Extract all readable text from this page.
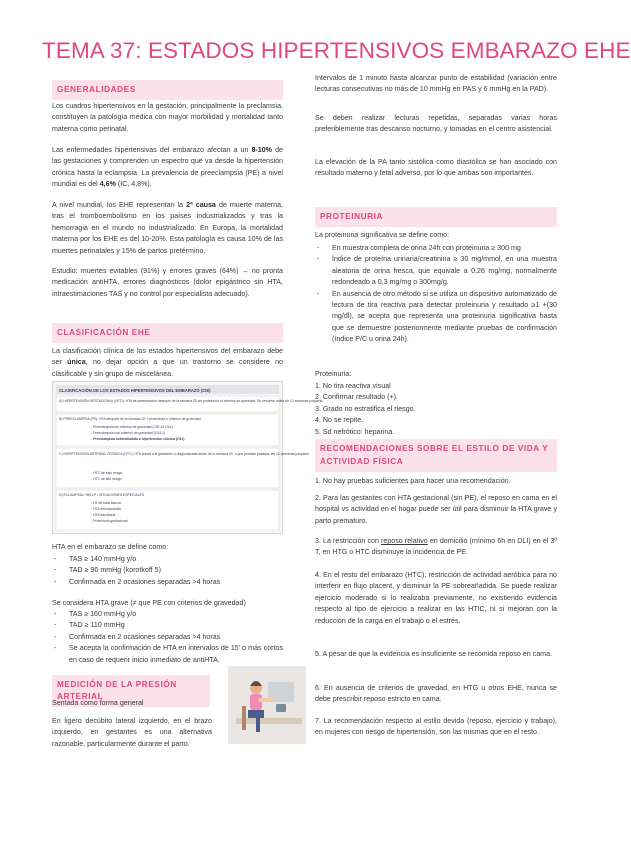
TEMA 37: ESTADOS HIPERTENSIVOS EMBARAZO EHE
GENERALIDADES

Los cuadros hipertensivos en la gestación, principalmente la preclamsia, constituyen la patología médica con mayor morbilidad y mortalidad tanto materna como perinatal.

Las enfermedades hipertensivas del embarazo afectan a un 8-10% de las gestaciones y comprenden un espectro que va desde la hipertensión crónica hasta la eclampsia. La prevalencia de preeclampsia (PE) a nivel mundial es del 4,6% (IC, 4,8%).

A nivel mundial, los EHE representan la 2ª causa de muerte materna, tras el tromboembolismo en los países industrializados y tras la hemorragia en el mundo no industrializado. En Europa, la mortalidad materna por los EHE es del 10-20%. Esta patología es causa 10% de las muertes perinatales y 15% de partos pretérmino.

Estudio: muertes evitables (91%) y errores graves (64%) → no pronta medicación antiHTA, errores diagnósticos (dolor epigástrico sin HTA, intraestimaciones TAS y no control por especialista adecuado).

CLASIFICACIÓN EHE

La clasificación clínica de los estados hipertensivos del embarazo debe ser única, no dejar opción a que un trastorno se considere no clasificable y sin grupo de miscelánea.

CLASIFICACIÓN DE LOS ESTADOS HIPERTENSIVOS DEL EMBARAZO (CIE)
A) HIPERTENSIÓN GESTACIONAL (HTG): HTA de presentación después de la semana 20 sin proteinuria ni criterios de gravedad. Se resuelve antes de 12 semanas posparto.
B) PREECLAMPSIA (PE): HTA después de la semana 20 + proteinuria o criterios de gravedad.
- Preeclampsia sin criterios de gravedad (CIE-10 O14)
- Preeclampsia con criterios de gravedad (O14.1)
- Preeclampsia sobreañadida a hipertensión crónica (O11)
C) HIPERTENSIÓN ARTERIAL CRÓNICA (HTC): HTA previa a la gestación o diagnosticada antes de la semana 20, o que persiste pasadas las 12 semanas posparto.
- HTC de bajo riesgo
- HTC de alto riesgo
D) ECLAMPSIA / HELLP / SITUACIONES ESPECIALES
- HT de bata blanca
- HTA enmascarada
- HTA transitoria
- Proteinuria gestacional

HTA en el embarazo se define como:

- TAS ≥ 140 mmHg y/o
- TAD ≥ 90 mmHg (korotkoff 5)
- Confirmada en 2 ocasiones separadas >4 horas

Se considera HTA grave (≠ que PE con criterios de gravedad)

- TAS ≥ 160 mmHg y/o
- TAD ≥ 110 mmHg
- Confirmada en 2 ocasiones separadas >4 horas
- Se acepta la confirmación de HTA en intervalos de 15' o más cortos en caso de requerir inicio inmediato de antiHTA.
MEDICIÓN DE LA PRESIÓN ARTERIAL

Sentada como forma general

En ligero decúbito lateral izquierdo, en el brazo izquierdo, en gestantes es una alternativa razonable, particularmente durante el parto.

Intervalos de 1 minuto hasta alcanzar punto de estabilidad (variación entre lecturas consecutivas no más de 10 mmHg en PAS y 6 mmHg en la PAD).

Se deben realizar lecturas repetidas, separadas varias horas preferiblemente tras descanso nocturno, y tomadas en el centro asistencial.

La elevación de la PA tanto sistólica como diastólica se han asociado con resultado materno y fetal adverso, por lo que ambas son importantes.

PROTEINURIA

La proteinuria significativa se define como:

- En muestra completa de orina 24h con proteinuria ≥ 300 mg
- Índice de proteína urinaria/creatinina ≥ 30 mg/mmol, en una muestra aleatoria de orina fresca, que equivale a 0,26 mg/mg, normalmente redondeado a 0,3 mg/mg o 300mg/g.
- En ausencia de otro método si se utiliza un dispositivo automatizado de lectura de tira reactiva para detectar proteinuria y resultado ≥1 +(30 mg/dl), se acepta que representa una proteinuria significativa hasta que se demuestre posteriormente mediante pruebas de confirmación (índice P/C u orina 24h).

Proteinuria:

1. No tira reactiva visual
2. Confirmar resultado (+).
3. Grado no estratifica el riesgo.
4. No se repite.
5. Sd nefrótico: heparina.
RECOMENDACIONES SOBRE EL ESTILO DE VIDA Y ACTIVIDAD FÍSICA

1. No hay pruebas suficientes para hacer una recomendación.

2. Para las gestantes con HTA gestacional (sin PE), el reposo en cama en el hospital vs actividad en el hogar puede ser útil para disminuir la HTA grave y parto prematuro.

3. La restricción con reposo relativo en domicilio (mínimo 6h en DLI) en el 3º T, en HTG o HTC disminuye la incidencia de PE.

4. En el resto del embarazo (HTC), restricción de actividad aeróbica para no interferir en flujo placent, y disminuir la PE sobreañadida. Se puede realizar ejercicio moderado si lo realizaba previamente, no existiendo evidencia respecto al tipo de ejercicio a realizar en las HTIC, ni si mejoran con la reducción de la carga en el trabajo o el estrés.

5. A pesar de que la evidencia es insuficiente se recomida reposo en cama.

6. En ausencia de criterios de gravedad, en HTG u otros EHE, nunca se debe prescribir reposo estricto en cama.

7. La recomendación respecto al estilo devida (reposo, ejercicio y trabajo), en mujeres con riesgo de hipertensión, son las mismas que en el resto.
